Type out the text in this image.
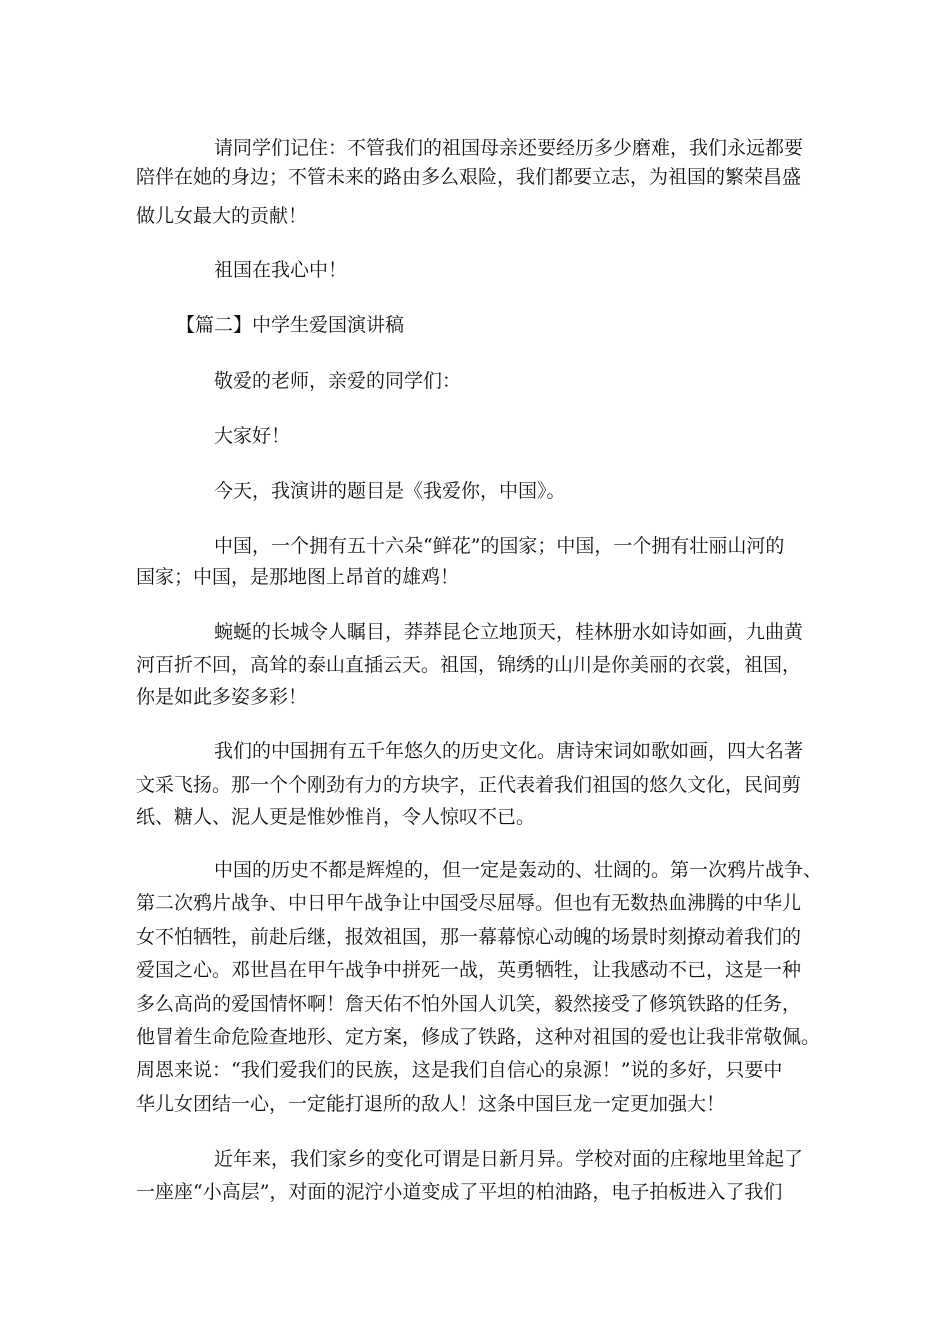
请同学们记住：不管我们的祖国母亲还要经历多少磨难，我们永远都要
陪伴在她的身边；不管未来的路由多么艰险，我们都要立志，为祖国的繁荣昌盛
做儿女最大的贡献！
祖国在我心中！
【篇二】中学生爱国演讲稿
敬爱的老师，亲爱的同学们：
大家好！
今天，我演讲的题目是《我爱你，中国》。
中国，一个拥有五十六朵“鲜花”的国家；中国，一个拥有壮丽山河的
国家；中国，是那地图上昂首的雄鸡！
蜿蜒的长城令人瞩目，莽莽昆仑立地顶天，桂林册水如诗如画，九曲黄
河百折不回，高耸的泰山直插云天。祖国，锦绣的山川是你美丽的衣裳，祖国，
你是如此多姿多彩！
我们的中国拥有五千年悠久的历史文化。唐诗宋词如歌如画，四大名著
文采飞扬。那一个个刚劲有力的方块字，正代表着我们祖国的悠久文化，民间剪
纸、糖人、泥人更是惟妙惟肖，令人惊叹不已。
中国的历史不都是辉煌的，但一定是轰动的、壮阔的。第一次鸦片战争、
第二次鸦片战争、中日甲午战争让中国受尽屈辱。但也有无数热血沸腾的中华儿
女不怕牺牲，前赴后继，报效祖国，那一幕幕惊心动魄的场景时刻撩动着我们的
爱国之心。邓世昌在甲午战争中拼死一战，英勇牺牲，让我感动不已，这是一种
多么高尚的爱国情怀啊！詹天佑不怕外国人讥笑，毅然接受了修筑铁路的任务，
他冒着生命危险查地形、定方案，修成了铁路，这种对祖国的爱也让我非常敬佩。
周恩来说：“我们爱我们的民族，这是我们自信心的泉源！”说的多好，只要中
华儿女团结一心，一定能打退所的敌人！这条中国巨龙一定更加强大！
近年来，我们家乡的变化可谓是日新月异。学校对面的庄稼地里耸起了
一座座“小高层”，对面的泥泞小道变成了平坦的柏油路，电子拍板进入了我们
